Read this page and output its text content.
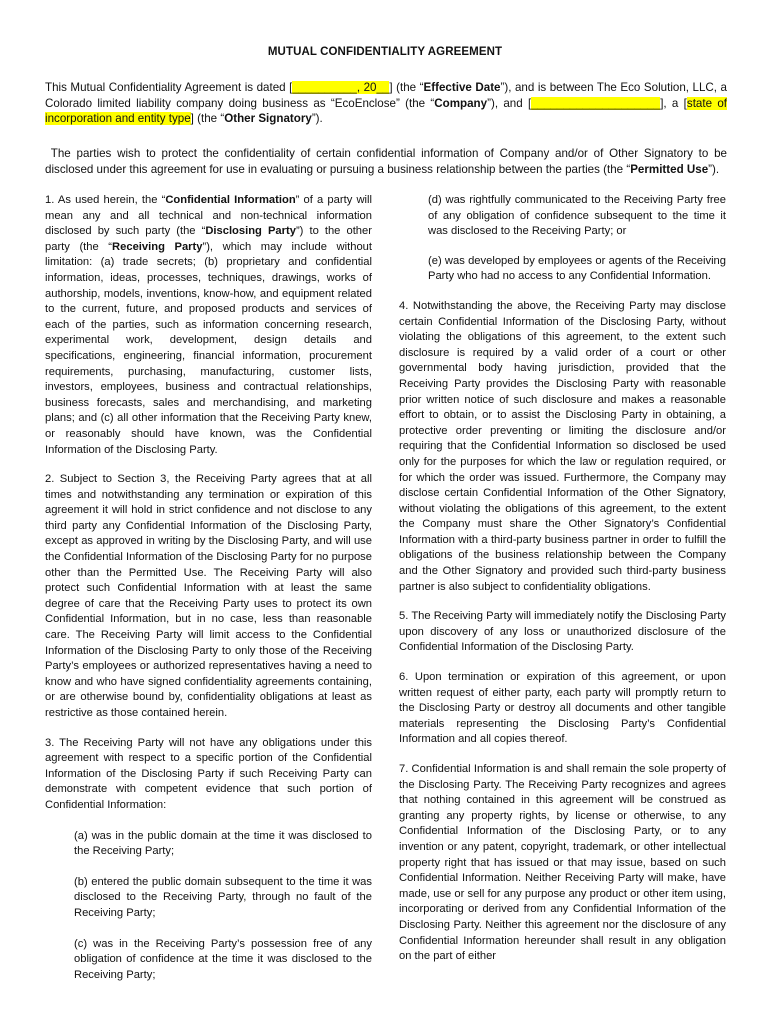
MUTUAL CONFIDENTIALITY AGREEMENT
This Mutual Confidentiality Agreement is dated [__________, 20__] (the “Effective Date”), and is between The Eco Solution, LLC, a Colorado limited liability company doing business as “EcoEnclose” (the “Company”), and [____________________], a [state of incorporation and entity type] (the “Other Signatory”).
The parties wish to protect the confidentiality of certain confidential information of Company and/or of Other Signatory to be disclosed under this agreement for use in evaluating or pursuing a business relationship between the parties (the “Permitted Use”).

1. As used herein, the “Confidential Information” of a party will mean any and all technical and non-technical information disclosed by such party (the “Disclosing Party”) to the other party (the “Receiving Party”), which may include without limitation: (a) trade secrets; (b) proprietary and confidential information, ideas, processes, techniques, drawings, works of authorship, models, inventions, know-how, and equipment related to the current, future, and proposed products and services of each of the parties, such as information concerning research, experimental work, development, design details and specifications, engineering, financial information, procurement requirements, purchasing, manufacturing, customer lists, investors, employees, business and contractual relationships, business forecasts, sales and merchandising, and marketing plans; and (c) all other information that the Receiving Party knew, or reasonably should have known, was the Confidential Information of the Disclosing Party.

2. Subject to Section 3, the Receiving Party agrees that at all times and notwithstanding any termination or expiration of this agreement it will hold in strict confidence and not disclose to any third party any Confidential Information of the Disclosing Party, except as approved in writing by the Disclosing Party, and will use the Confidential Information of the Disclosing Party for no purpose other than the Permitted Use. The Receiving Party will also protect such Confidential Information with at least the same degree of care that the Receiving Party uses to protect its own Confidential Information, but in no case, less than reasonable care. The Receiving Party will limit access to the Confidential Information of the Disclosing Party to only those of the Receiving Party’s employees or authorized representatives having a need to know and who have signed confidentiality agreements containing, or are otherwise bound by, confidentiality obligations at least as restrictive as those contained herein.

3. The Receiving Party will not have any obligations under this agreement with respect to a specific portion of the Confidential Information of the Disclosing Party if such Receiving Party can demonstrate with competent evidence that such portion of Confidential Information:

(a) was in the public domain at the time it was disclosed to the Receiving Party;

(b) entered the public domain subsequent to the time it was disclosed to the Receiving Party, through no fault of the Receiving Party;

(c) was in the Receiving Party’s possession free of any obligation of confidence at the time it was disclosed to the Receiving Party;

(d) was rightfully communicated to the Receiving Party free of any obligation of confidence subsequent to the time it was disclosed to the Receiving Party; or

(e) was developed by employees or agents of the Receiving Party who had no access to any Confidential Information.

4. Notwithstanding the above, the Receiving Party may disclose certain Confidential Information of the Disclosing Party, without violating the obligations of this agreement, to the extent such disclosure is required by a valid order of a court or other governmental body having jurisdiction, provided that the Receiving Party provides the Disclosing Party with reasonable prior written notice of such disclosure and makes a reasonable effort to obtain, or to assist the Disclosing Party in obtaining, a protective order preventing or limiting the disclosure and/or requiring that the Confidential Information so disclosed be used only for the purposes for which the law or regulation required, or for which the order was issued. Furthermore, the Company may disclose certain Confidential Information of the Other Signatory, without violating the obligations of this agreement, to the extent the Company must share the Other Signatory’s Confidential Information with a third-party business partner in order to fulfill the obligations of the business relationship between the Company and the Other Signatory and provided such third-party business partner is also subject to confidentiality obligations.

5. The Receiving Party will immediately notify the Disclosing Party upon discovery of any loss or unauthorized disclosure of the Confidential Information of the Disclosing Party.

6. Upon termination or expiration of this agreement, or upon written request of either party, each party will promptly return to the Disclosing Party or destroy all documents and other tangible materials representing the Disclosing Party’s Confidential Information and all copies thereof.

7. Confidential Information is and shall remain the sole property of the Disclosing Party. The Receiving Party recognizes and agrees that nothing contained in this agreement will be construed as granting any property rights, by license or otherwise, to any Confidential Information of the Disclosing Party, or to any invention or any patent, copyright, trademark, or other intellectual property right that has issued or that may issue, based on such Confidential Information. Neither Receiving Party will make, have made, use or sell for any purpose any product or other item using, incorporating or derived from any Confidential Information of the Disclosing Party. Neither this agreement nor the disclosure of any Confidential Information hereunder shall result in any obligation on the part of either
